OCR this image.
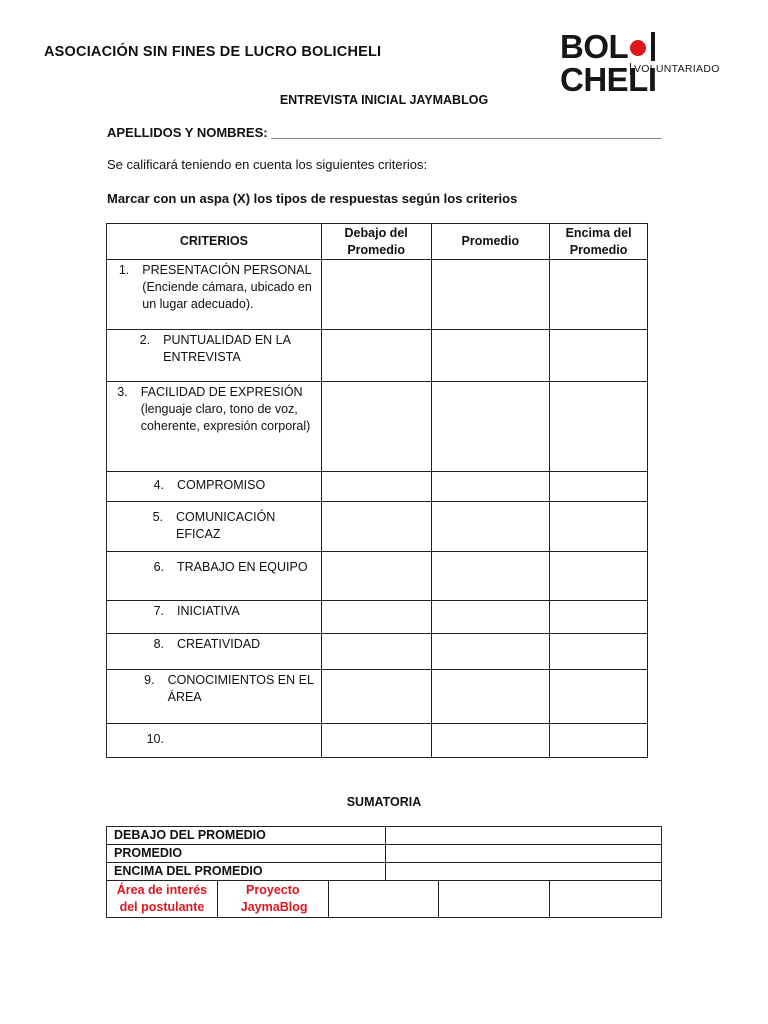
ASOCIACIÓN SIN FINES DE LUCRO BOLICHELI	BOLCHELI
VOLUNTARIADO
ENTREVISTA INICIAL JAYMABLOG
APELLIDOS Y NOMBRES: ______________________________________________________
Se calificará teniendo en cuenta los siguientes criterios:
Marcar con un aspa (X) los tipos de respuestas según los criterios
CRITERIOS	Debajo del Promedio	Promedio	Encima del Promedio

1. PRESENTACIÓN PERSONAL (Enciende cámara, ubicado en un lugar adecuado).			

2. PUNTUALIDAD EN LA ENTREVISTA			

3. FACILIDAD DE EXPRESIÓN (lenguaje claro, tono de voz, coherente, expresión corporal)			

4. COMPROMISO			

5. COMUNICACIÓN EFICAZ			

6. TRABAJO EN EQUIPO			

7. INICIATIVA			

8. CREATIVIDAD			

9. CONOCIMIENTOS EN EL ÁREA			

10.			

SUMATORIA
DEBAJO DEL PROMEDIO	
PROMEDIO	
ENCIMA DEL PROMEDIO	
Área de interés del postulante

Proyecto JaymaBlog
